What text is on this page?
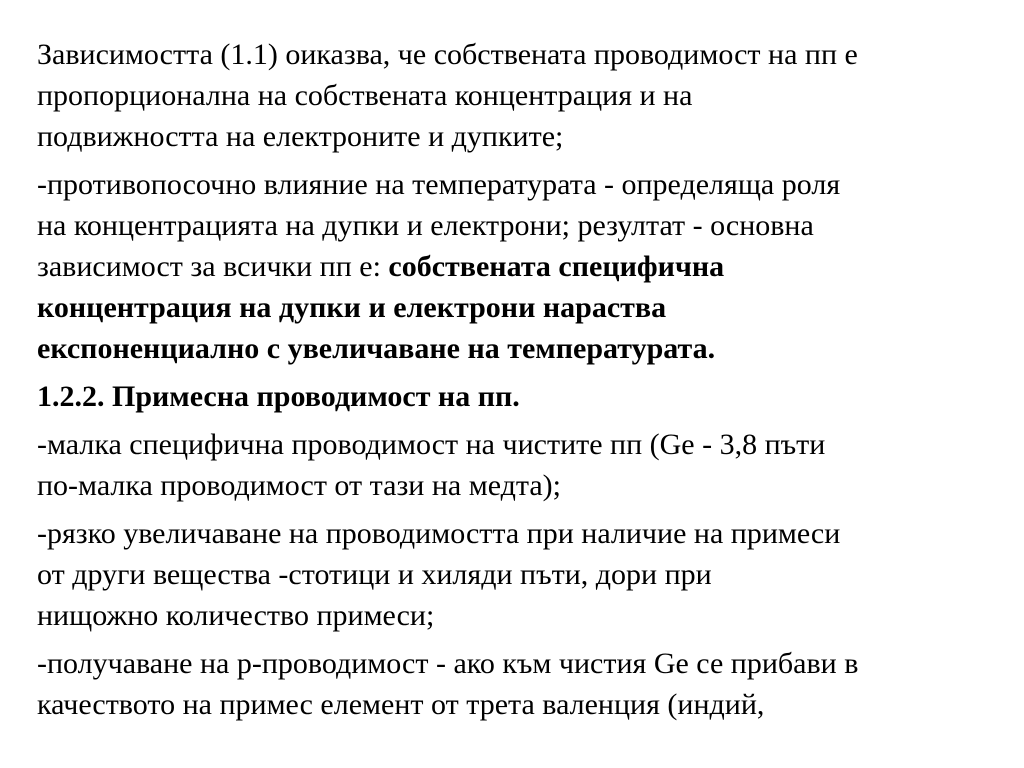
Зависимостта (1.1) оиказва, че собствената проводимост на пп е
пропорционална на собствената концентрация и на
подвижността на електроните и дупките;

-противопосочно влияние на температурата - определяща роля
на концентрацията на дупки и електрони; резултат - основна
зависимост за всички пп е: собствената специфична
концентрация на дупки и електрони нараства
експоненциално с увеличаване на температурата.

1.2.2. Примесна проводимост на пп.

-малка специфична проводимост на чистите пп (Ge - 3,8 пъти
по-малка проводимост от тази на медта);

-рязко увеличаване на проводимостта при наличие на примеси
от други вещества -стотици и хиляди пъти, дори при
нищожно количество примеси;

-получаване на p-проводимост - ако към чистия Ge се прибави в
качеството на примес елемент от трета валенция (индий,
